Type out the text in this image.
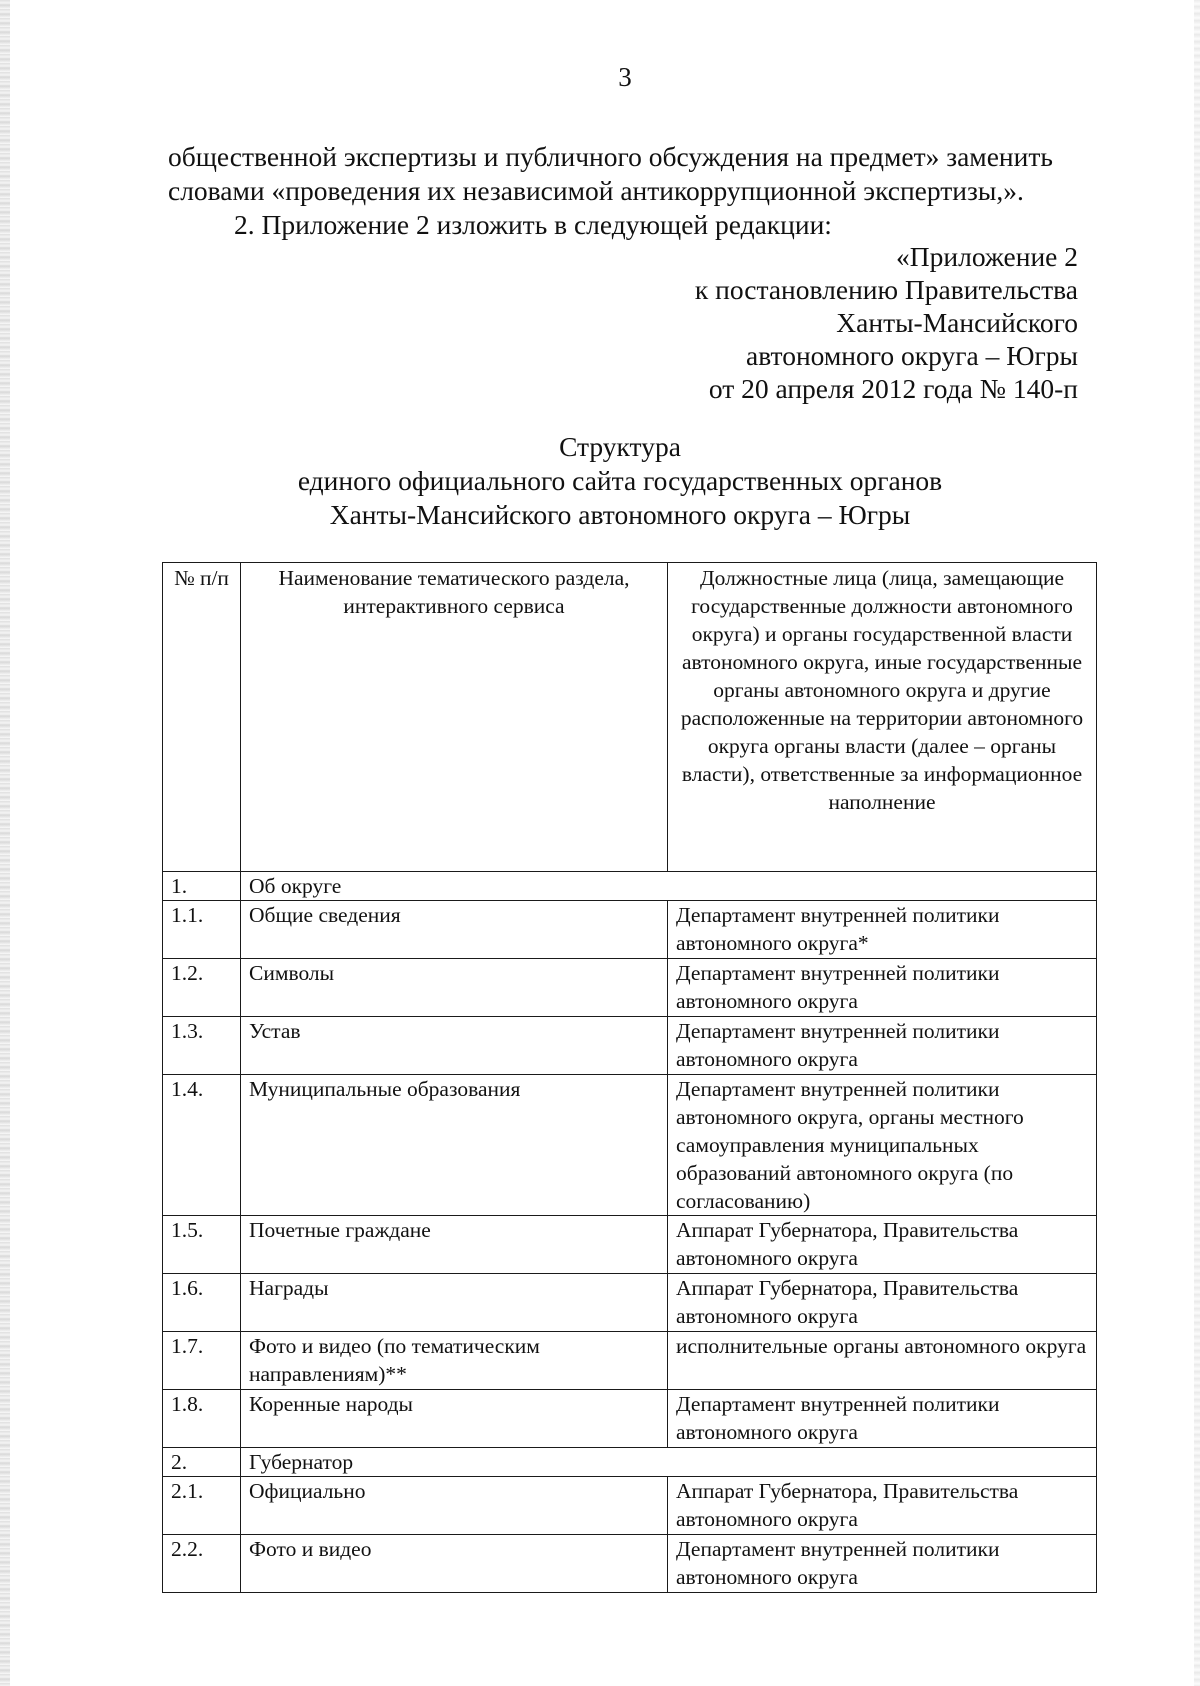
3
общественной экспертизы и публичного обсуждения на предмет» заменить
словами «проведения их независимой антикоррупционной экспертизы,».
2. Приложение 2 изложить в следующей редакции:
«Приложение 2
к постановлению Правительства
Ханты-Мансийского
автономного округа – Югры
от 20 апреля 2012 года № 140-п
Структура
единого официального сайта государственных органов
Ханты-Мансийского автономного округа – Югры
№ п/п	Наименование тематического раздела, интерактивного сервиса	Должностные лица (лица, замещающие государственные должности автономного округа) и органы государственной власти автономного округа, иные государственные органы автономного округа и другие расположенные на территории автономного округа органы власти (далее – органы власти), ответственные за информационное наполнение
1.	Об округе	
1.1.	Общие сведения	Департамент внутренней политики автономного округа*
1.2.	Символы	Департамент внутренней политики автономного округа
1.3.	Устав	Департамент внутренней политики автономного округа
1.4.	Муниципальные образования	Департамент внутренней политики автономного округа, органы местного самоуправления муниципальных образований автономного округа (по согласованию)
1.5.	Почетные граждане	Аппарат Губернатора, Правительства автономного округа
1.6.	Награды	Аппарат Губернатора, Правительства автономного округа
1.7.	Фото и видео (по тематическим направлениям)**	исполнительные органы автономного округа
1.8.	Коренные народы	Департамент внутренней политики автономного округа
2.	Губернатор	
2.1.	Официально	Аппарат Губернатора, Правительства автономного округа
2.2.	Фото и видео	Департамент внутренней политики автономного округа
